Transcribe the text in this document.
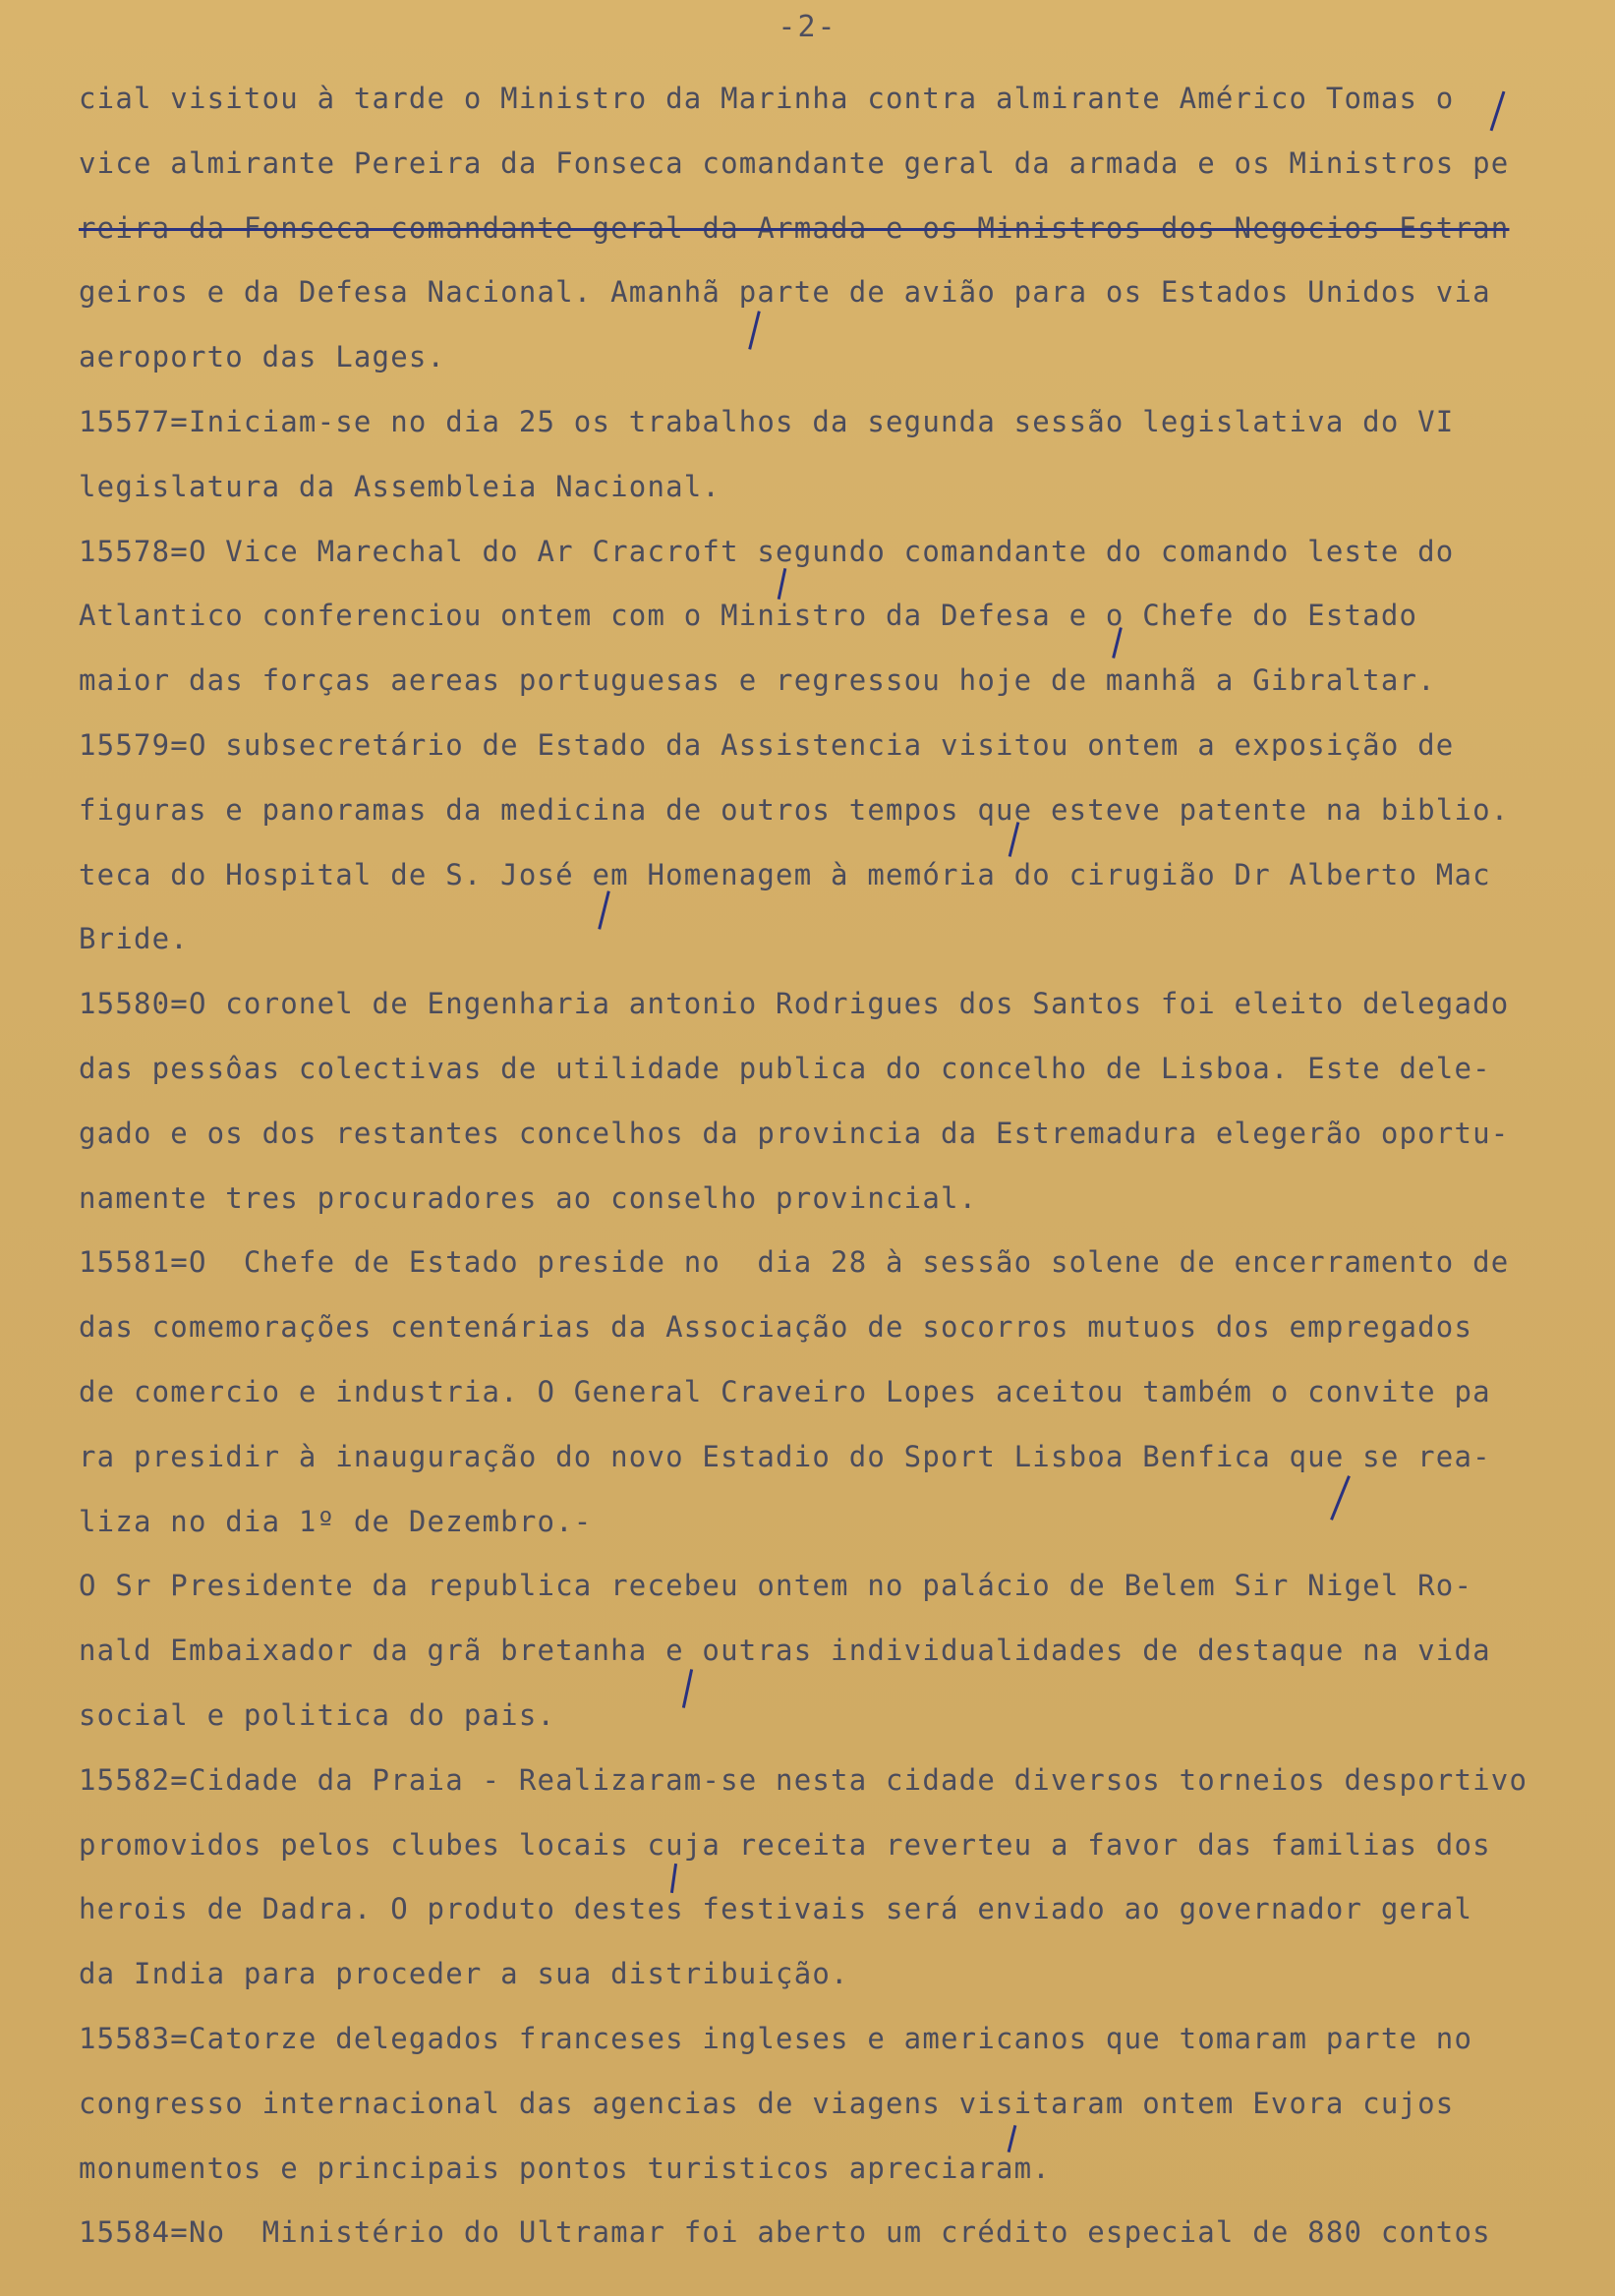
-2-
cial visitou à tarde o Ministro da Marinha contra almirante Américo Tomas o
vice almirante Pereira da Fonseca comandante geral da armada e os Ministros pe
reira da Fonseca comandante geral da Armada e os Ministros dos Negocios Estran
geiros e da Defesa Nacional. Amanhã parte de avião para os Estados Unidos via
aeroporto das Lages.
15577=Iniciam-se no dia 25 os trabalhos da segunda sessão legislativa do VI
legislatura da Assembleia Nacional.
15578=O Vice Marechal do Ar Cracroft segundo comandante do comando leste do
Atlantico conferenciou ontem com o Ministro da Defesa e o Chefe do Estado
maior das forças aereas portuguesas e regressou hoje de manhã a Gibraltar.
15579=O subsecretário de Estado da Assistencia visitou ontem a exposição de
figuras e panoramas da medicina de outros tempos que esteve patente na biblio.
teca do Hospital de S. José em Homenagem à memória do cirugião Dr Alberto Mac
Bride.
15580=O coronel de Engenharia antonio Rodrigues dos Santos foi eleito delegado
das pessôas colectivas de utilidade publica do concelho de Lisboa. Este dele-
gado e os dos restantes concelhos da provincia da Estremadura elegerão oportu-
namente tres procuradores ao conselho provincial.
15581=O  Chefe de Estado preside no  dia 28 à sessão solene de encerramento de
das comemorações centenárias da Associação de socorros mutuos dos empregados
de comercio e industria. O General Craveiro Lopes aceitou também o convite pa
ra presidir à inauguração do novo Estadio do Sport Lisboa Benfica que se rea-
liza no dia 1º de Dezembro.-
O Sr Presidente da republica recebeu ontem no palácio de Belem Sir Nigel Ro-
nald Embaixador da grã bretanha e outras individualidades de destaque na vida
social e politica do pais.
15582=Cidade da Praia - Realizaram-se nesta cidade diversos torneios desportivo
promovidos pelos clubes locais cuja receita reverteu a favor das familias dos
herois de Dadra. O produto destes festivais será enviado ao governador geral
da India para proceder a sua distribuição.
15583=Catorze delegados franceses ingleses e americanos que tomaram parte no
congresso internacional das agencias de viagens visitaram ontem Evora cujos
monumentos e principais pontos turisticos apreciaram.
15584=No  Ministério do Ultramar foi aberto um crédito especial de 880 contos
